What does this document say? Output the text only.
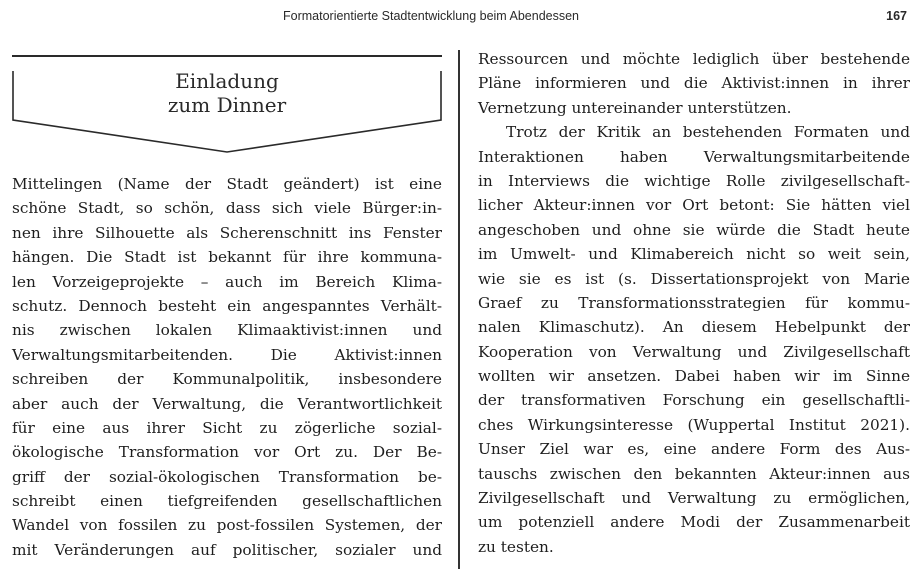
Formatorientierte Stadtentwicklung beim Abendessen	167
Einladung
zum Dinner
Mittelingen (Name der Stadt geändert) ist eine
schöne Stadt, so schön, dass sich viele Bürger:in-
nen ihre Silhouette als Scherenschnitt ins Fenster
hängen. Die Stadt ist bekannt für ihre kommuna-
len Vorzeigeprojekte – auch im Bereich Klima-
schutz. Dennoch besteht ein angespanntes Verhält-
nis zwischen lokalen Klimaaktivist:innen und
Verwaltungsmitarbeitenden. Die Aktivist:innen
schreiben der Kommunalpolitik, insbesondere
aber auch der Verwaltung, die Verantwortlichkeit
für eine aus ihrer Sicht zu zögerliche sozial-
ökologische Transformation vor Ort zu. Der Be-
griff der sozial-ökologischen Transformation be-
schreibt einen tiefgreifenden gesellschaftlichen
Wandel von fossilen zu post-fossilen Systemen, der
mit Veränderungen auf politischer, sozialer und
Ressourcen und möchte lediglich über bestehende
Pläne informieren und die Aktivist:innen in ihrer
Vernetzung untereinander unterstützen.
Trotz der Kritik an bestehenden Formaten und
Interaktionen haben Verwaltungsmitarbeitende
in Interviews die wichtige Rolle zivilgesellschaft-
licher Akteur:innen vor Ort betont: Sie hätten viel
angeschoben und ohne sie würde die Stadt heute
im Umwelt- und Klimabereich nicht so weit sein,
wie sie es ist (s. Dissertationsprojekt von Marie
Graef zu Transformationsstrategien für kommu-
nalen Klimaschutz). An diesem Hebelpunkt der
Kooperation von Verwaltung und Zivilgesellschaft
wollten wir ansetzen. Dabei haben wir im Sinne
der transformativen Forschung ein gesellschaftli-
ches Wirkungsinteresse (Wuppertal Institut 2021).
Unser Ziel war es, eine andere Form des Aus-
tauschs zwischen den bekannten Akteur:innen aus
Zivilgesellschaft und Verwaltung zu ermöglichen,
um potenziell andere Modi der Zusammenarbeit
zu testen.
